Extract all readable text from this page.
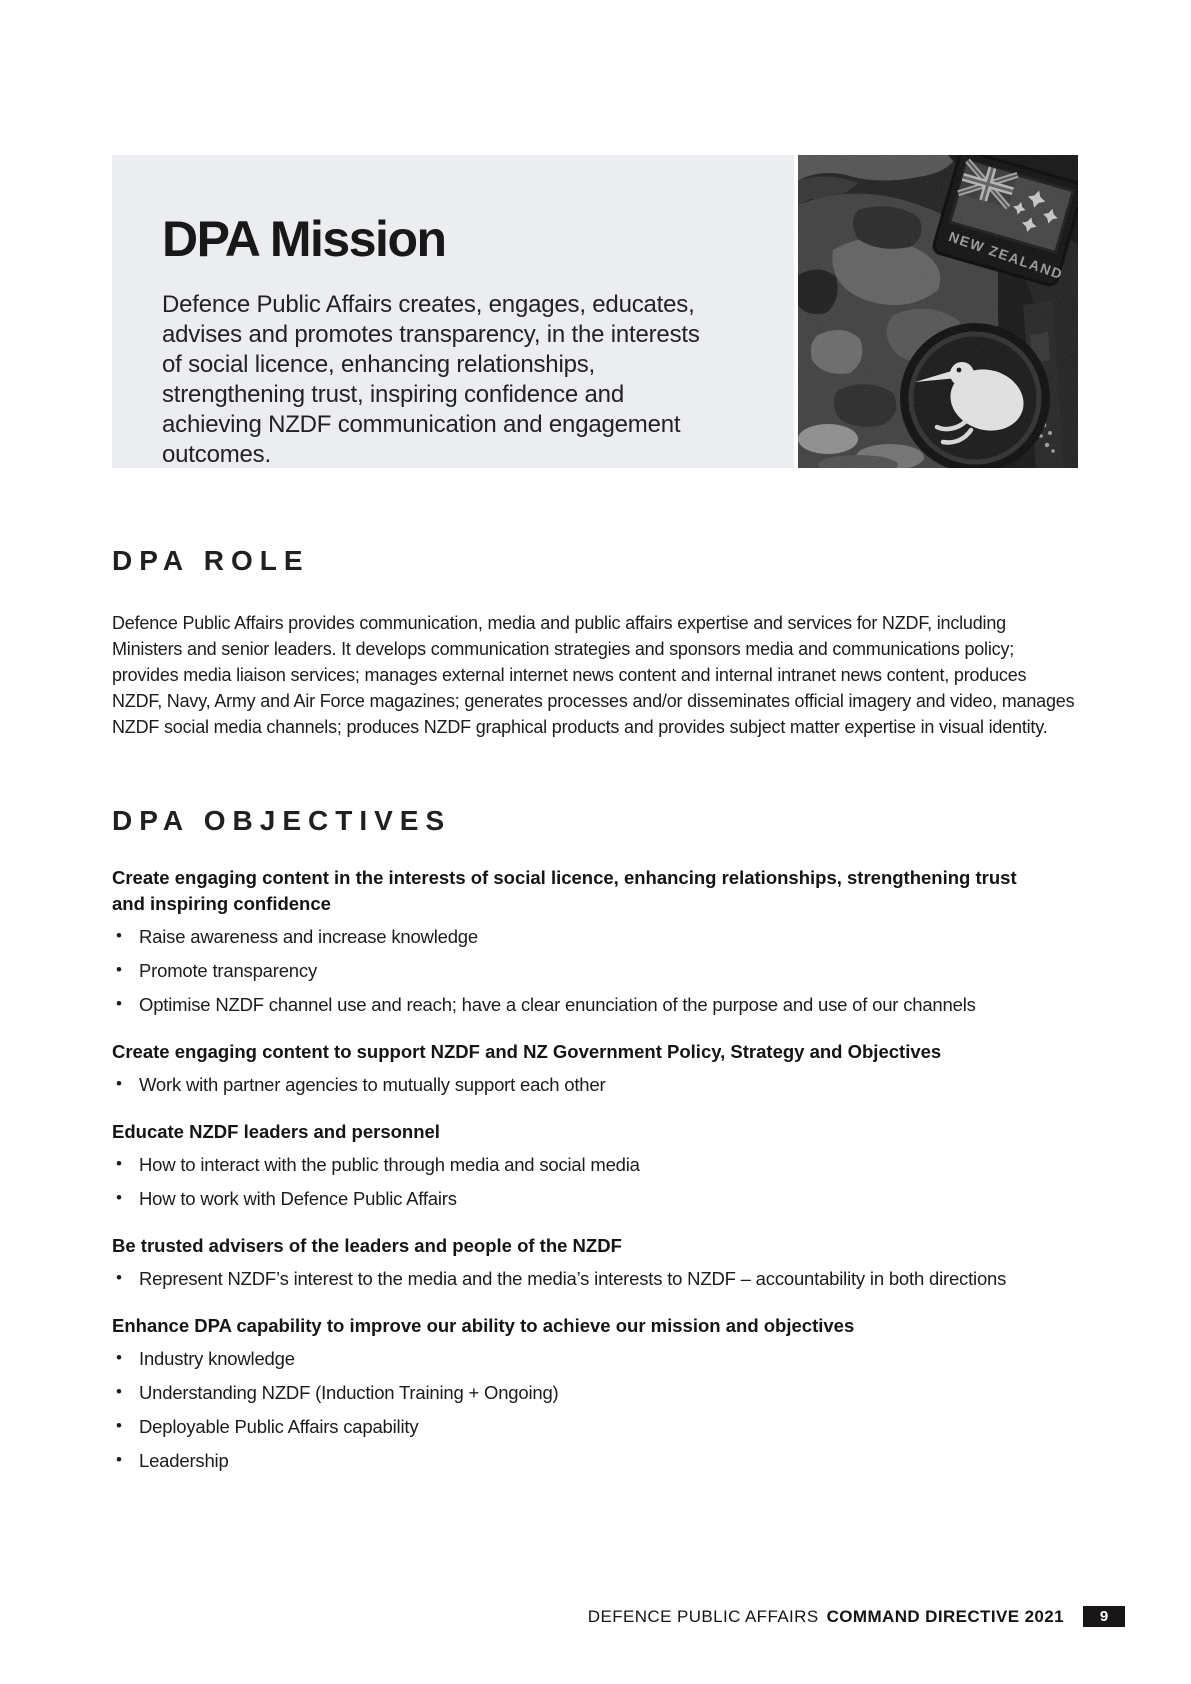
DPA Mission

Defence Public Affairs creates, engages, educates, advises and promotes transparency, in the interests of social licence, enhancing relationships, strengthening trust, inspiring confidence and achieving NZDF communication and engagement outcomes.

DPA ROLE

Defence Public Affairs provides communication, media and public affairs expertise and services for NZDF, including Ministers and senior leaders. It develops communication strategies and sponsors media and communications policy; provides media liaison services; manages external internet news content and internal intranet news content, produces NZDF, Navy, Army and Air Force magazines; generates processes and/or disseminates official imagery and video, manages NZDF social media channels; produces NZDF graphical products and provides subject matter expertise in visual identity.

DPA OBJECTIVES
Create engaging content in the interests of social licence, enhancing relationships, strengthening trust and inspiring confidence
• Raise awareness and increase knowledge
• Promote transparency
• Optimise NZDF channel use and reach; have a clear enunciation of the purpose and use of our channels
Create engaging content to support NZDF and NZ Government Policy, Strategy and Objectives
• Work with partner agencies to mutually support each other
Educate NZDF leaders and personnel
• How to interact with the public through media and social media
• How to work with Defence Public Affairs
Be trusted advisers of the leaders and people of the NZDF
• Represent NZDF’s interest to the media and the media’s interests to NZDF – accountability in both directions
Enhance DPA capability to improve our ability to achieve our mission and objectives
• Industry knowledge
• Understanding NZDF (Induction Training + Ongoing)
• Deployable Public Affairs capability
• Leadership
DEFENCE PUBLIC AFFAIRS COMMAND DIRECTIVE 2021 9
